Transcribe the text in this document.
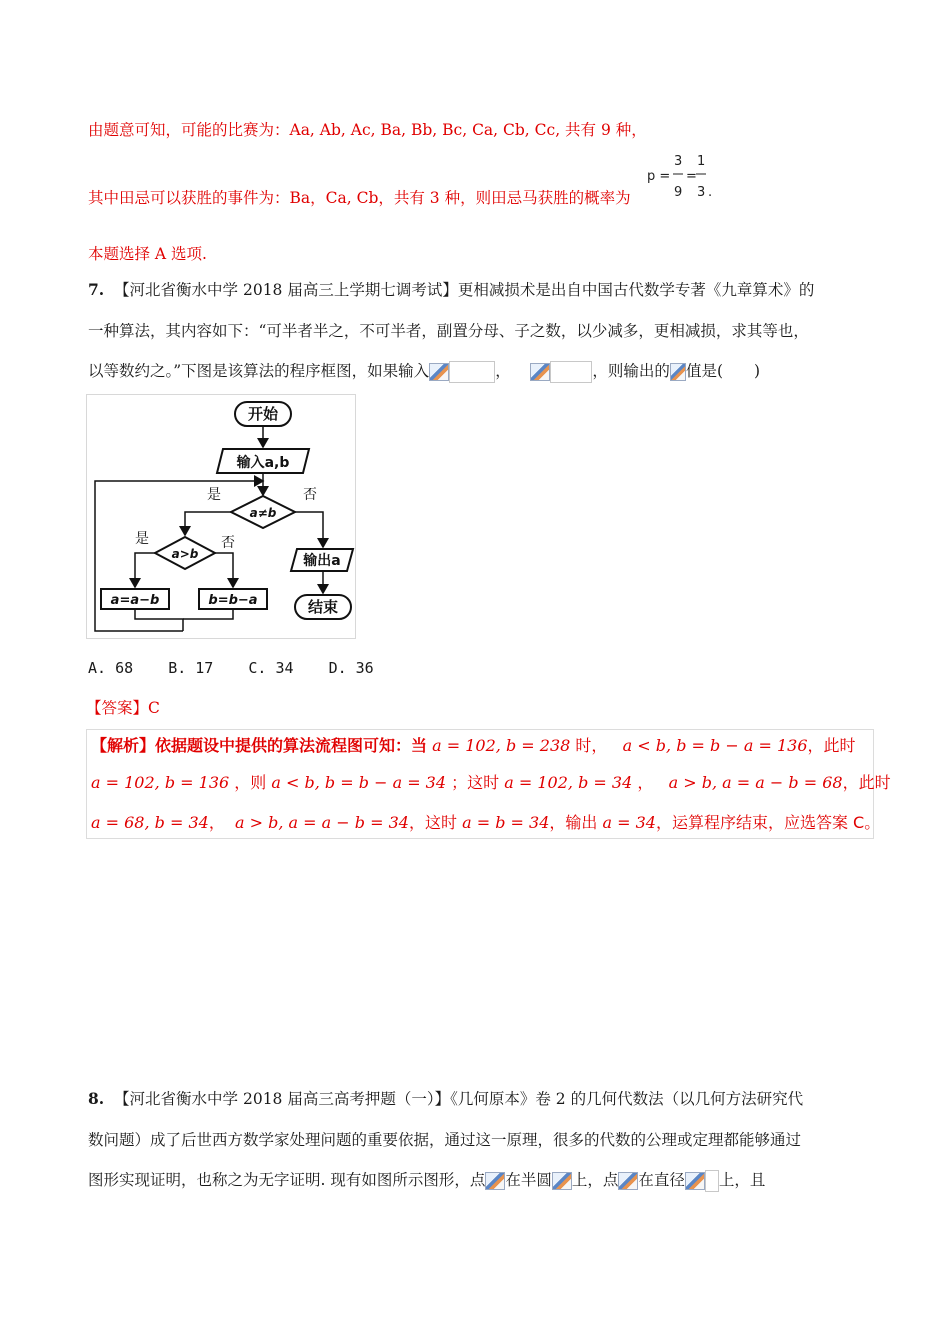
由题意可知，可能的比赛为：Aa, Ab, Ac, Ba, Bb, Bc, Ca, Cb, Cc, 共有 9 种，
其中田忌可以获胜的事件为：Ba，Ca, Cb，共有 3 种，则田忌马获胜的概率为
p =
3
9
=
1
3 .
本题选择 A 选项.
7. 【河北省衡水中学 2018 届高三上学期七调考试】更相减损术是出自中国古代数学专著《九章算术》的
一种算法，其内容如下：“可半者半之，不可半者，副置分母、子之数，以少减多，更相减损，求其等也，
以等数约之。”下图是该算法的程序框图，如果输入	，	，则输出的 值是(　　)
开始
输入a,b
a≠b
是	否
a>b
是	否
a=a−b	b=b−a
输出a
结束
A. 68 B. 17 C. 34 D. 36
【答案】C
【解析】依据题设中提供的算法流程图可知：当 a = 102, b = 238 时， a < b, b = b − a = 136，此时
a = 102, b = 136 ，则 a < b, b = b − a = 34 ；这时 a = 102, b = 34 ， a > b, a = a − b = 68，此时
a = 68, b = 34， a > b, a = a − b = 34，这时 a = b = 34，输出 a = 34，运算程序结束，应选答案 C。
8. 【河北省衡水中学 2018 届高三高考押题（一）】《几何原本》卷 2 的几何代数法（以几何方法研究代
数问题）成了后世西方数学家处理问题的重要依据，通过这一原理，很多的代数的公理或定理都能够通过
图形实现证明，也称之为无字证明. 现有如图所示图形，点 在半圆 上，点 在直径 上，且
